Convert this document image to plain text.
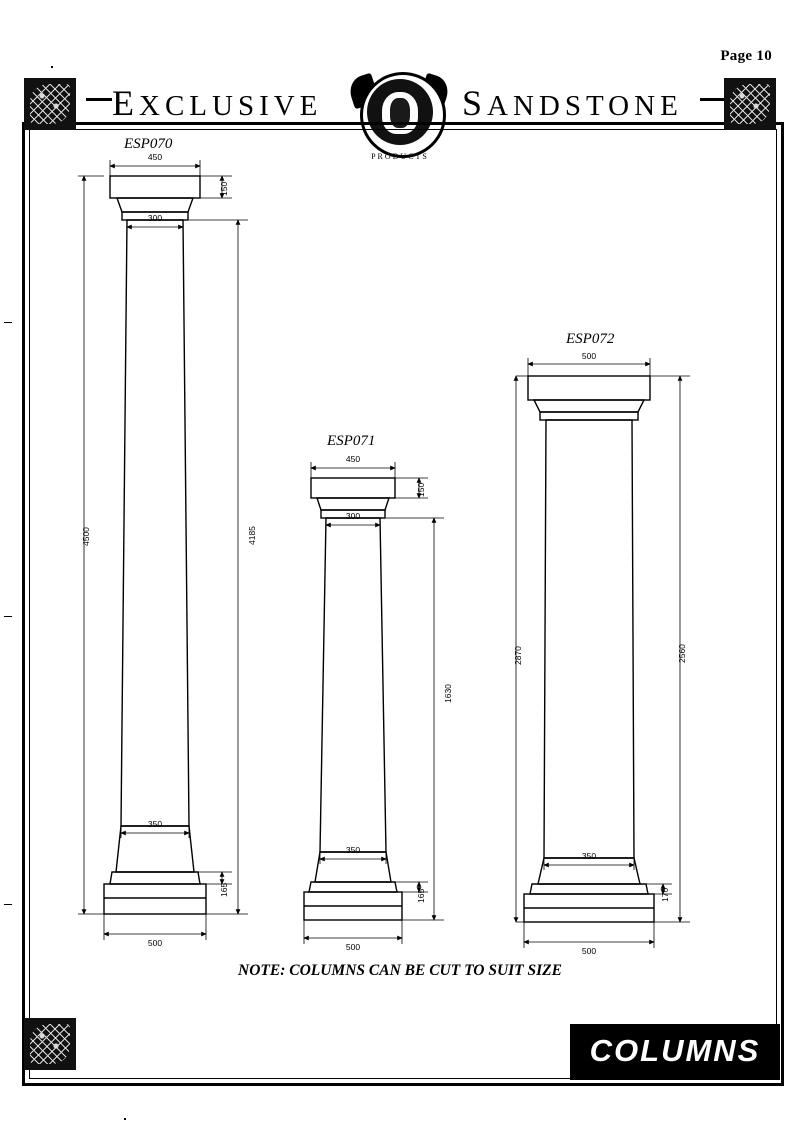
Page 10
EXCLUSIVE	SANDSTONE
PRODUCTS
COLUMNS
ESP070
ESP071
ESP072
450
300
350
500
150
165
4185
4500
450
300
350
500
150
165
1630
500
350
500
2870	2560
170
NOTE: COLUMNS CAN BE CUT TO SUIT SIZE
